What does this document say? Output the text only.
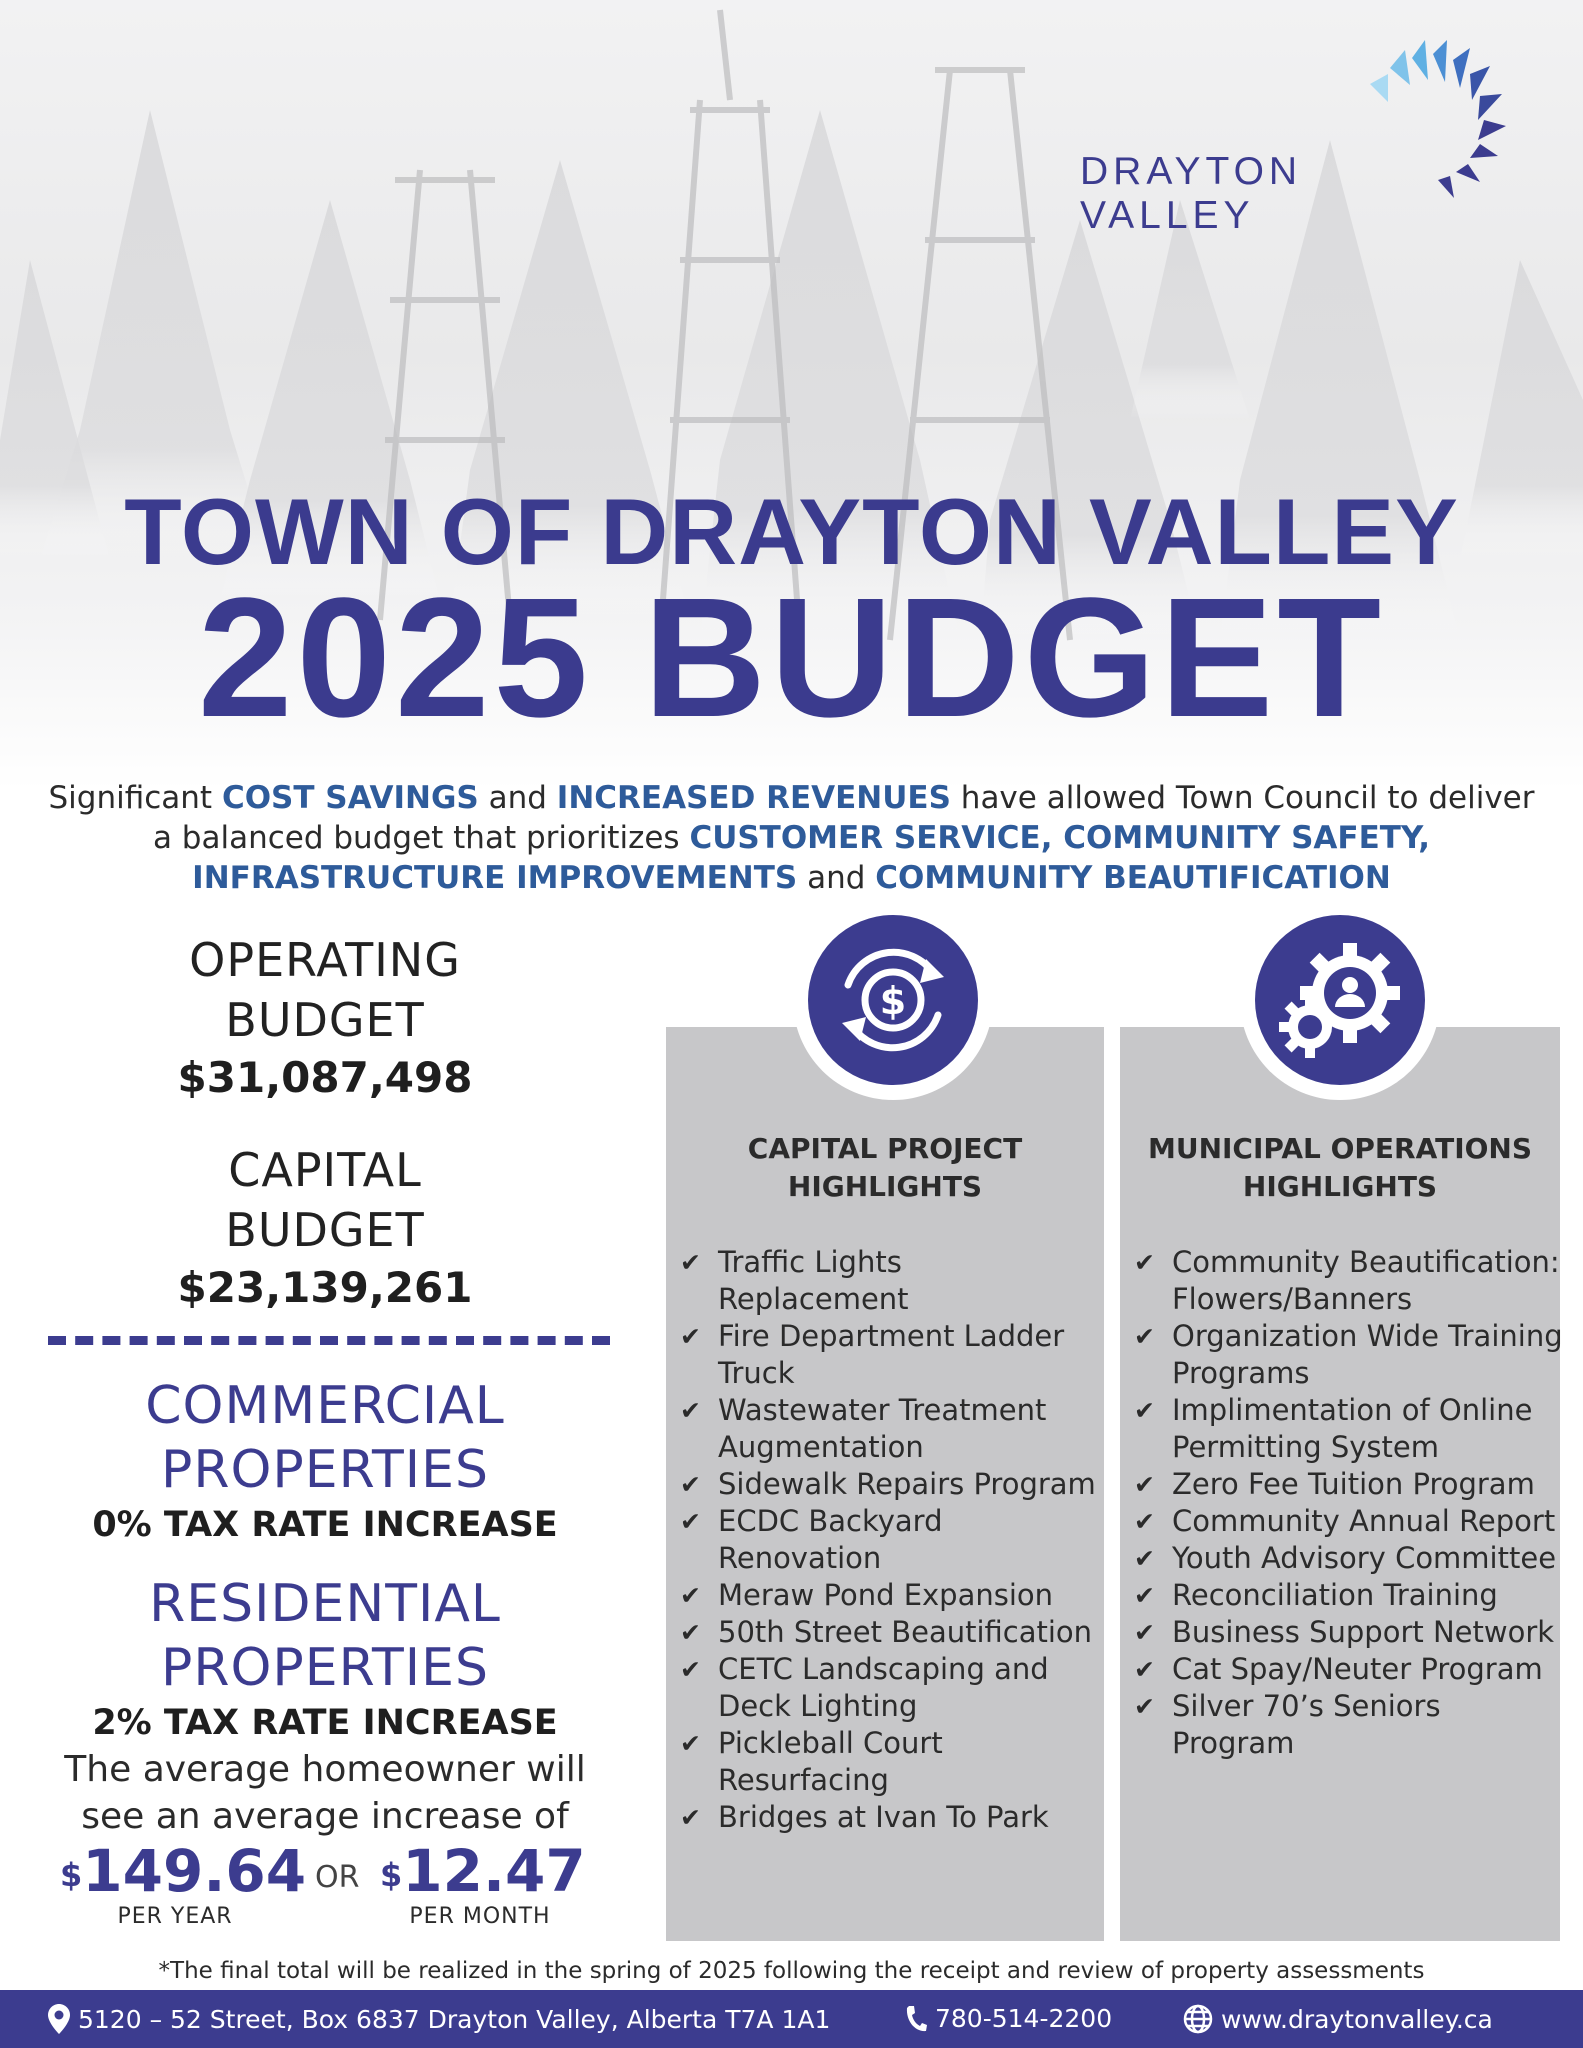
DRAYTON VALLEY
TOWN OF DRAYTON VALLEY
2025 BUDGET

Significant COST SAVINGS and INCREASED REVENUES have allowed Town Council to deliver a balanced budget that prioritizes CUSTOMER SERVICE, COMMUNITY SAFETY, INFRASTRUCTURE IMPROVEMENTS and COMMUNITY BEAUTIFICATION

OPERATING
BUDGET
$31,087,498
CAPITAL
BUDGET
$23,139,261
COMMERCIAL
PROPERTIES
0% TAX RATE INCREASE
RESIDENTIAL
PROPERTIES
2% TAX RATE INCREASE
The average homeowner will
see an average increase of
$149.64
PER YEAR
OR $12.47
PER MONTH
$
CAPITAL PROJECT
HIGHLIGHTS
MUNICIPAL OPERATIONS
HIGHLIGHTS
✔ Traffic Lights Replacement
✔ Fire Department Ladder Truck
✔ Wastewater Treatment Augmentation
✔ Sidewalk Repairs Program
✔ ECDC Backyard Renovation
✔ Meraw Pond Expansion
✔ 50th Street Beautification
✔ CETC Landscaping and Deck Lighting
✔ Pickleball Court Resurfacing
✔ Bridges at Ivan To Park
✔ Community Beautification: Flowers/Banners
✔ Organization Wide Training Programs
✔ Implimentation of Online Permitting System
✔ Zero Fee Tuition Program
✔ Community Annual Report
✔ Youth Advisory Committee
✔ Reconciliation Training
✔ Business Support Network
✔ Cat Spay/Neuter Program
✔ Silver 70’s Seniors Program
*The final total will be realized in the spring of 2025 following the receipt and review of property assessments
5120 – 52 Street, Box 6837 Drayton Valley, Alberta T7A 1A1	780-514-2200	www.draytonvalley.ca
